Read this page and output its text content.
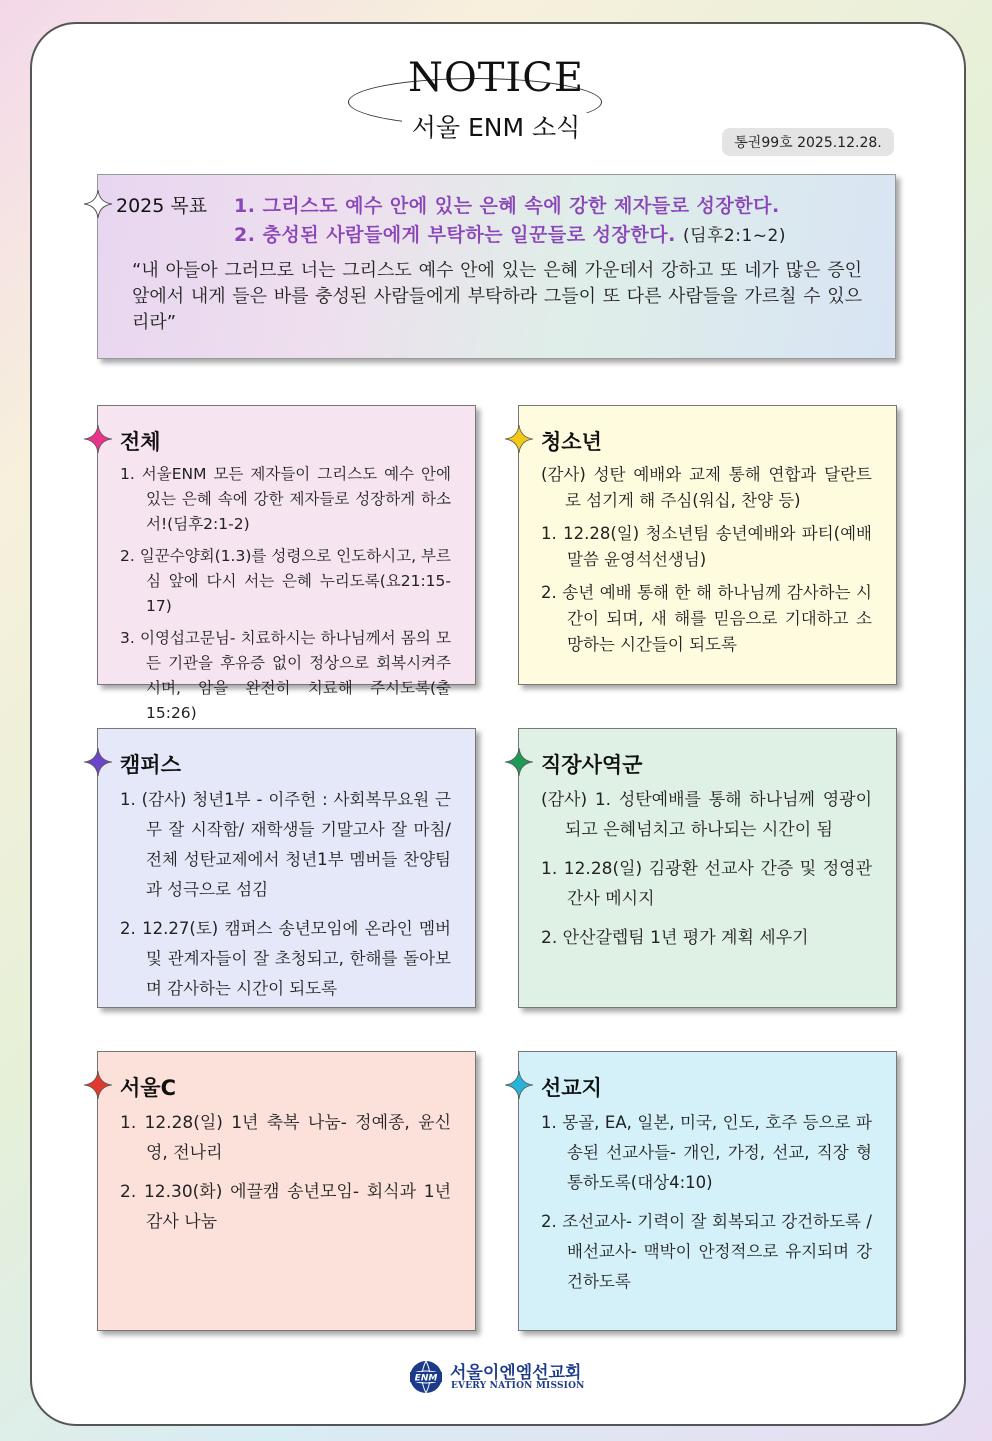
NOTICE
서울 ENM 소식
통권99호 2025.12.28.
2025 목표 1. 그리스도 예수 안에 있는 은혜 속에 강한 제자들로 성장한다.
2. 충성된 사람들에게 부탁하는 일꾼들로 성장한다. (딤후2:1~2)
“내 아들아 그러므로 너는 그리스도 예수 안에 있는 은혜 가운데서 강하고 또 네가 많은 증인 앞에서 내게 들은 바를 충성된 사람들에게 부탁하라 그들이 또 다른 사람들을 가르칠 수 있으리라”
전체
1. 서울ENM 모든 제자들이 그리스도 예수 안에 있는 은혜 속에 강한 제자들로 성장하게 하소서!(딤후2:1-2)
2. 일꾼수양회(1.3)를 성령으로 인도하시고, 부르심 앞에 다시 서는 은혜 누리도록(요21:15-17)
3. 이영섭고문님- 치료하시는 하나님께서 몸의 모든 기관을 후유증 없이 정상으로 회복시켜주시며, 암을 완전히 치료해 주시도록(출15:26)
청소년
(감사) 성탄 예배와 교제 통해 연합과 달란트로 섬기게 해 주심(워십, 찬양 등)
1. 12.28(일) 청소년팀 송년예배와 파티(예배말씀 윤영석선생님)
2. 송년 예배 통해 한 해 하나님께 감사하는 시간이 되며, 새 해를 믿음으로 기대하고 소망하는 시간들이 되도록
캠퍼스
1. (감사) 청년1부 - 이주헌 : 사회복무요원 근무 잘 시작함/ 재학생들 기말고사 잘 마침/전체 성탄교제에서 청년1부 멤버들 찬양팀과 성극으로 섬김
2. 12.27(토) 캠퍼스 송년모임에 온라인 멤버 및 관계자들이 잘 초청되고, 한해를 돌아보며 감사하는 시간이 되도록
직장사역군
(감사) 1. 성탄예배를 통해 하나님께 영광이 되고 은혜넘치고 하나되는 시간이 됨
1. 12.28(일) 김광환 선교사 간증 및 정영관 간사 메시지
2. 안산갈렙팀 1년 평가 계획 세우기
서울C
1. 12.28(일) 1년 축복 나눔- 정예종, 윤신영, 전나리
2. 12.30(화) 에끌캠 송년모임- 회식과 1년 감사 나눔
선교지
1. 몽골, EA, 일본, 미국, 인도, 호주 등으로 파송된 선교사들- 개인, 가정, 선교, 직장 형통하도록(대상4:10)
2. 조선교사- 기력이 잘 회복되고 강건하도록 / 배선교사- 맥박이 안정적으로 유지되며 강건하도록
ENM 서울이엔엠선교회
EVERY NATION MISSION
